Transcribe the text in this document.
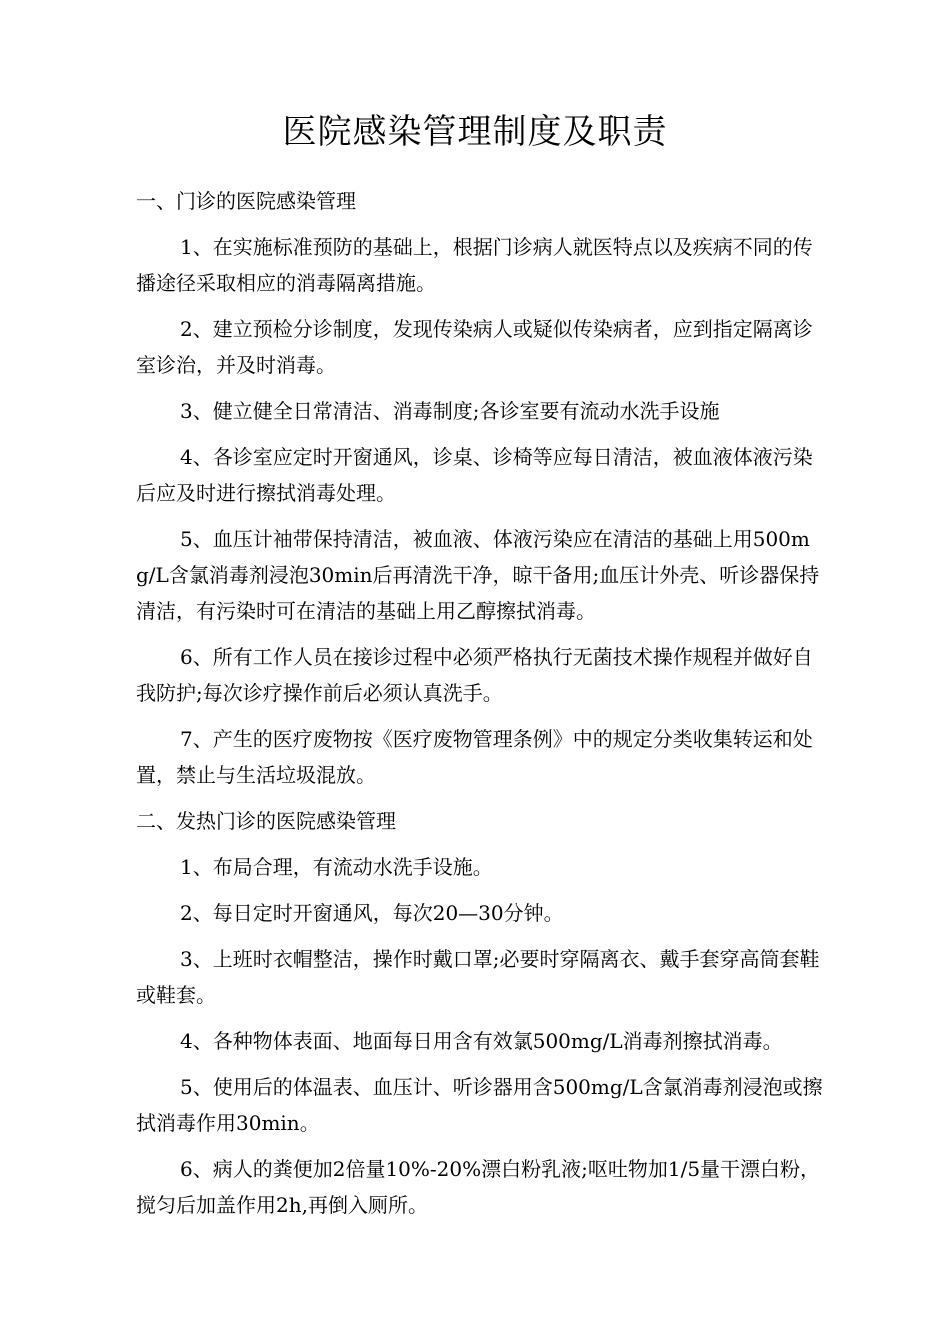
医院感染管理制度及职责
一、门诊的医院感染管理
1、在实施标准预防的基础上，根据门诊病人就医特点以及疾病不同的传播途径采取相应的消毒隔离措施。
2、建立预检分诊制度，发现传染病人或疑似传染病者，应到指定隔离诊室诊治，并及时消毒。
3、健立健全日常清洁、消毒制度;各诊室要有流动水洗手设施
4、各诊室应定时开窗通风，诊桌、诊椅等应每日清洁，被血液体液污染后应及时进行擦拭消毒处理。
5、血压计袖带保持清洁，被血液、体液污染应在清洁的基础上用500mg/L含氯消毒剂浸泡30min后再清洗干净，晾干备用;血压计外壳、听诊器保持清洁，有污染时可在清洁的基础上用乙醇擦拭消毒。
6、所有工作人员在接诊过程中必须严格执行无菌技术操作规程并做好自我防护;每次诊疗操作前后必须认真洗手。
7、产生的医疗废物按《医疗废物管理条例》中的规定分类收集转运和处置，禁止与生活垃圾混放。
二、发热门诊的医院感染管理
1、布局合理，有流动水洗手设施。
2、每日定时开窗通风，每次20—30分钟。
3、上班时衣帽整洁，操作时戴口罩;必要时穿隔离衣、戴手套穿高筒套鞋或鞋套。
4、各种物体表面、地面每日用含有效氯500mg/L消毒剂擦拭消毒。
5、使用后的体温表、血压计、听诊器用含500mg/L含氯消毒剂浸泡或擦拭消毒作用30min。
6、病人的粪便加2倍量10%-20%漂白粉乳液;呕吐物加1/5量干漂白粉，搅匀后加盖作用2h,再倒入厕所。
